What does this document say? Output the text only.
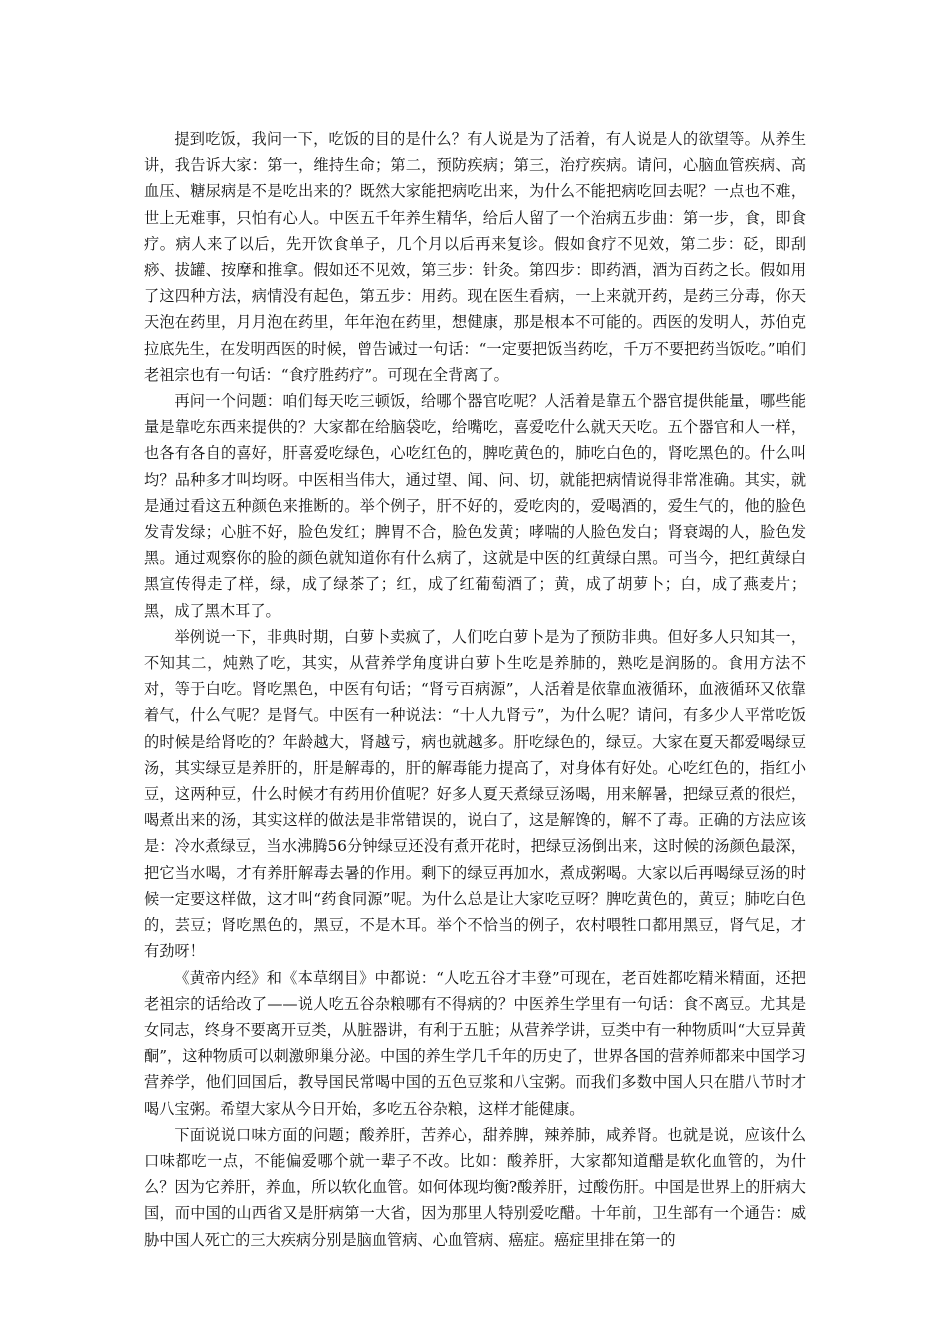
提到吃饭，我问一下，吃饭的目的是什么？有人说是为了活着，有人说是人的欲望等。从养生讲，我告诉大家：第一，维持生命；第二，预防疾病；第三，治疗疾病。请问，心脑血管疾病、高血压、糖尿病是不是吃出来的？既然大家能把病吃出来，为什么不能把病吃回去呢？一点也不难，世上无难事，只怕有心人。中医五千年养生精华，给后人留了一个治病五步曲：第一步，食，即食疗。病人来了以后，先开饮食单子，几个月以后再来复诊。假如食疗不见效，第二步：砭，即刮痧、拔罐、按摩和推拿。假如还不见效，第三步：针灸。第四步：即药酒，酒为百药之长。假如用了这四种方法，病情没有起色，第五步：用药。现在医生看病，一上来就开药，是药三分毒，你天天泡在药里，月月泡在药里，年年泡在药里，想健康，那是根本不可能的。西医的发明人，苏伯克拉底先生，在发明西医的时候，曾告诫过一句话：“一定要把饭当药吃，千万不要把药当饭吃。”咱们老祖宗也有一句话：“食疗胜药疗”。可现在全背离了。

再问一个问题：咱们每天吃三顿饭，给哪个器官吃呢？人活着是靠五个器官提供能量，哪些能量是靠吃东西来提供的？大家都在给脑袋吃，给嘴吃，喜爱吃什么就天天吃。五个器官和人一样，也各有各自的喜好，肝喜爱吃绿色，心吃红色的，脾吃黄色的，肺吃白色的，肾吃黑色的。什么叫均？品种多才叫均呀。中医相当伟大，通过望、闻、问、切，就能把病情说得非常准确。其实，就是通过看这五种颜色来推断的。举个例子，肝不好的，爱吃肉的，爱喝酒的，爱生气的，他的脸色发青发绿；心脏不好，脸色发红；脾胃不合，脸色发黄；哮喘的人脸色发白；肾衰竭的人，脸色发黑。通过观察你的脸的颜色就知道你有什么病了，这就是中医的红黄绿白黑。可当今，把红黄绿白黑宣传得走了样，绿，成了绿茶了；红，成了红葡萄酒了；黄，成了胡萝卜；白，成了燕麦片；黑，成了黑木耳了。

举例说一下，非典时期，白萝卜卖疯了，人们吃白萝卜是为了预防非典。但好多人只知其一，不知其二，炖熟了吃，其实，从营养学角度讲白萝卜生吃是养肺的，熟吃是润肠的。食用方法不对，等于白吃。肾吃黑色，中医有句话；“肾亏百病源”，人活着是依靠血液循环，血液循环又依靠着气，什么气呢？是肾气。中医有一种说法：“十人九肾亏”，为什么呢？请问，有多少人平常吃饭的时候是给肾吃的？年龄越大，肾越亏，病也就越多。肝吃绿色的，绿豆。大家在夏天都爱喝绿豆汤，其实绿豆是养肝的，肝是解毒的，肝的解毒能力提高了，对身体有好处。心吃红色的，指红小豆，这两种豆，什么时候才有药用价值呢？好多人夏天煮绿豆汤喝，用来解暑，把绿豆煮的很烂，喝煮出来的汤，其实这样的做法是非常错误的，说白了，这是解馋的，解不了毒。正确的方法应该是：冷水煮绿豆，当水沸腾56分钟绿豆还没有煮开花时，把绿豆汤倒出来，这时候的汤颜色最深，把它当水喝，才有养肝解毒去暑的作用。剩下的绿豆再加水，煮成粥喝。大家以后再喝绿豆汤的时候一定要这样做，这才叫“药食同源”呢。为什么总是让大家吃豆呀？脾吃黄色的，黄豆；肺吃白色的，芸豆；肾吃黑色的，黑豆，不是木耳。举个不恰当的例子，农村喂牲口都用黑豆，肾气足，才有劲呀！

《黄帝内经》和《本草纲目》中都说：“人吃五谷才丰登”可现在，老百姓都吃精米精面，还把老祖宗的话给改了——说人吃五谷杂粮哪有不得病的？中医养生学里有一句话：食不离豆。尤其是女同志，终身不要离开豆类，从脏器讲，有利于五脏；从营养学讲，豆类中有一种物质叫“大豆异黄酮”，这种物质可以刺激卵巢分泌。中国的养生学几千年的历史了，世界各国的营养师都来中国学习营养学，他们回国后，教导国民常喝中国的五色豆浆和八宝粥。而我们多数中国人只在腊八节时才喝八宝粥。希望大家从今日开始，多吃五谷杂粮，这样才能健康。

下面说说口味方面的问题；酸养肝，苦养心，甜养脾，辣养肺，咸养肾。也就是说，应该什么口味都吃一点，不能偏爱哪个就一辈子不改。比如：酸养肝，大家都知道醋是软化血管的，为什么？因为它养肝，养血，所以软化血管。如何体现均衡?酸养肝，过酸伤肝。中国是世界上的肝病大国，而中国的山西省又是肝病第一大省，因为那里人特别爱吃醋。十年前，卫生部有一个通告：威胁中国人死亡的三大疾病分别是脑血管病、心血管病、癌症。癌症里排在第一的
